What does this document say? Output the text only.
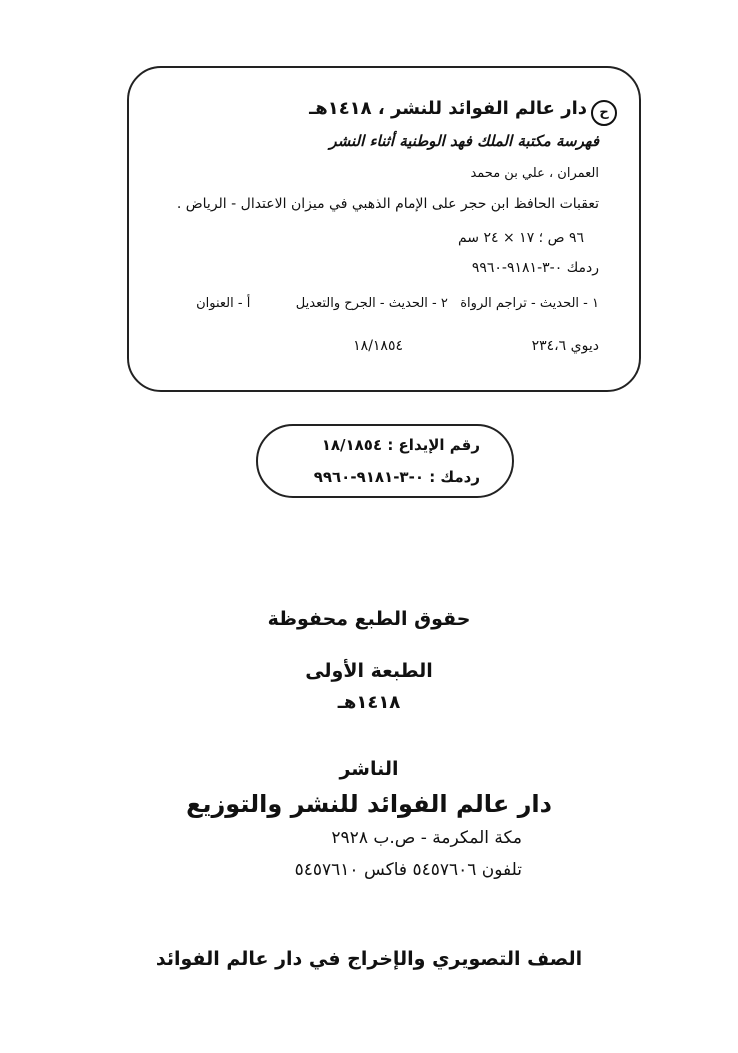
ح
دار عالم الفوائد للنشر ، ١٤١٨هـ
فهرسة مكتبة الملك فهد الوطنية أثناء النشر
العمران ، علي بن محمد
تعقبات الحافظ ابن حجر على الإمام الذهبي في ميزان الاعتدال - الرياض .
٩٦ ص ؛ ١٧ × ٢٤ سم
ردمك ٠-٣-٩١٨١-٩٩٦٠
١ - الحديث - تراجم الرواة   ٢ - الحديث - الجرح والتعديل           أ - العنوان
ديوي ٢٣٤،٦
١٨/١٨٥٤
رقم الإيداع : ١٨/١٨٥٤
ردمك : ٠-٣-٩١٨١-٩٩٦٠
حقوق الطبع محفوظة
الطبعة الأولى
١٤١٨هـ
الناشر
دار عالم الفوائد للنشر والتوزيع
مكة المكرمة - ص.ب ٢٩٢٨
تلفون ٥٤٥٧٦٠٦ فاكس ٥٤٥٧٦١٠
الصف التصويري والإخراج في دار عالم الفوائد
